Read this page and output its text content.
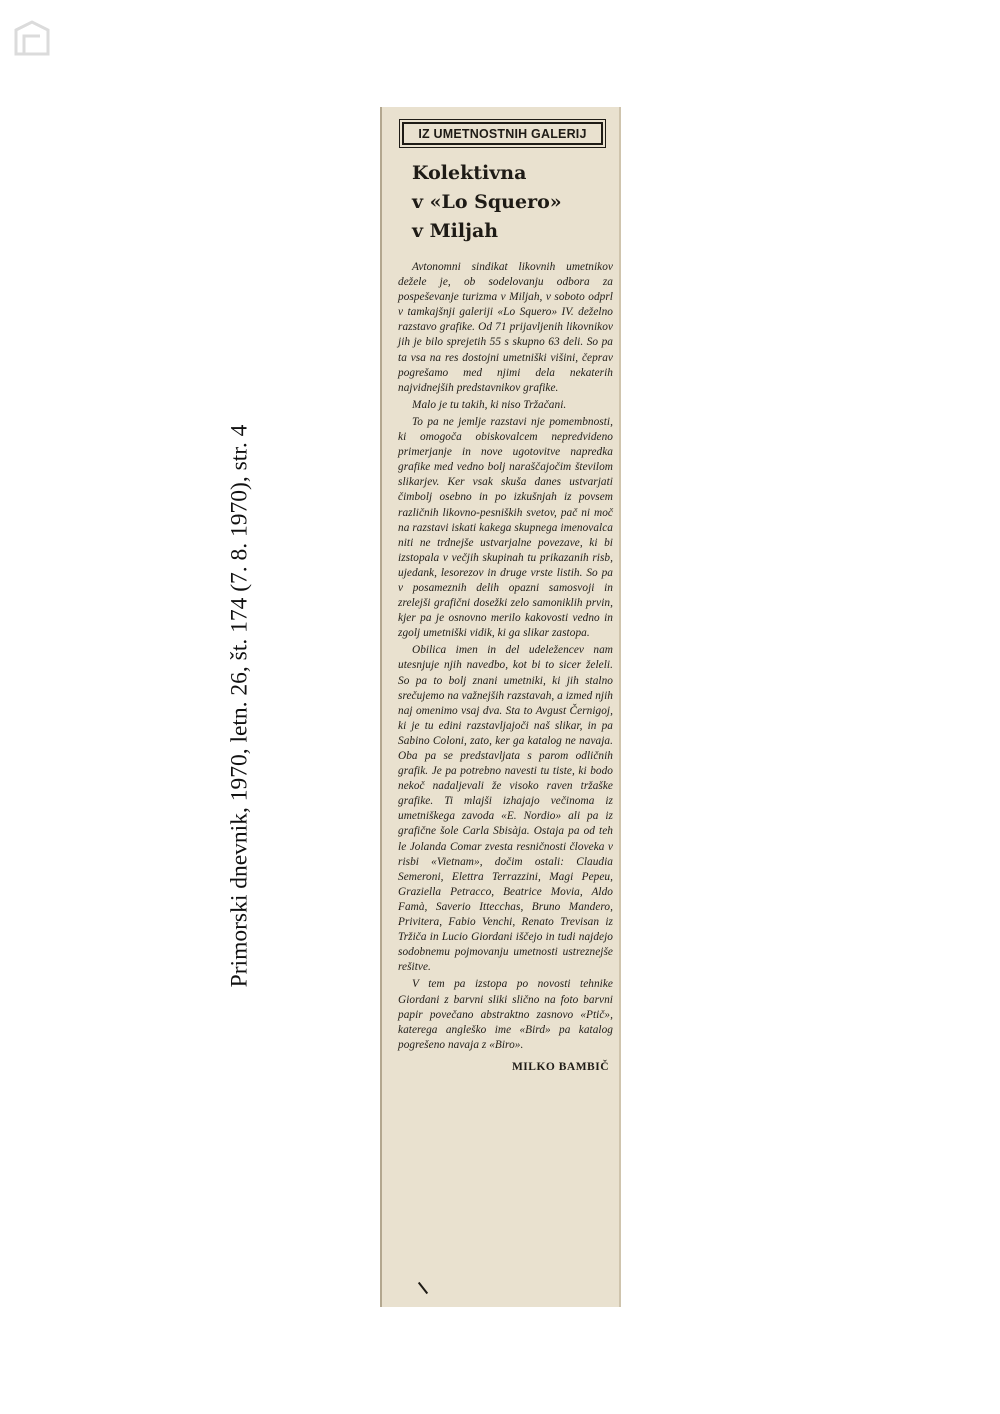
Primorski dnevnik, 1970, letn. 26, št. 174 (7. 8. 1970), str. 4
IZ UMETNOSTNIH GALERIJ
Kolektivna
v «Lo Squero»
v Miljah

Avtonomni sindikat likovnih umetnikov dežele je, ob sodelovanju odbora za pospeševanje turizma v Miljah, v soboto odprl v tamkajšnji galeriji «Lo Squero» IV. deželno razstavo grafike. Od 71 prijavljenih likovnikov jih je bilo sprejetih 55 s skupno 63 deli. So pa ta vsa na res dostojni umetniški višini, čeprav pogrešamo med njimi dela nekaterih najvidnejših predstavnikov grafike.

Malo je tu takih, ki niso Tržačani.

To pa ne jemlje razstavi nje pomembnosti, ki omogoča obiskovalcem nepredvideno primerjanje in nove ugotovitve napredka grafike med vedno bolj naraščajočim številom slikarjev. Ker vsak skuša danes ustvarjati čimbolj osebno in po izkušnjah iz povsem različnih likovno-pesniških svetov, pač ni moč na razstavi iskati kakega skupnega imenovalca niti ne trdnejše ustvarjalne povezave, ki bi izstopala v večjih skupinah tu prikazanih risb, ujedank, lesorezov in druge vrste listih. So pa v posameznih delih opazni samosvoji in zrelejši grafični dosežki zelo samoniklih prvin, kjer pa je osnovno merilo kakovosti vedno in zgolj umetniški vidik, ki ga slikar zastopa.

Obilica imen in del udeležencev nam utesnjuje njih navedbo, kot bi to sicer želeli. So pa to bolj znani umetniki, ki jih stalno srečujemo na važnejših razstavah, a izmed njih naj omenimo vsaj dva. Sta to Avgust Černigoj, ki je tu edini razstavljajoči naš slikar, in pa Sabino Coloni, zato, ker ga katalog ne navaja. Oba pa se predstavljata s parom odličnih grafik. Je pa potrebno navesti tu tiste, ki bodo nekoč nadaljevali že visoko raven tržaške grafike. Ti mlajši izhajajo večinoma iz umetniškega zavoda «E. Nordio» ali pa iz grafične šole Carla Sbisàja. Ostaja pa od teh le Jolanda Comar zvesta resničnosti človeka v risbi «Vietnam», dočim ostali: Claudia Semeroni, Elettra Terrazzini, Magi Pepeu, Graziella Petracco, Beatrice Movia, Aldo Famà, Saverio Ittecchas, Bruno Mandero, Privitera, Fabio Venchi, Renato Trevisan iz Tržiča in Lucio Giordani iščejo in tudi najdejo sodobnemu pojmovanju umetnosti ustreznejše rešitve.

V tem pa izstopa po novosti tehnike Giordani z barvni sliki slično na foto barvni papir povečano abstraktno zasnovo «Ptič», katerega angleško ime «Bird» pa katalog pogrešeno navaja z «Biro».

MILKO BAMBIČ
